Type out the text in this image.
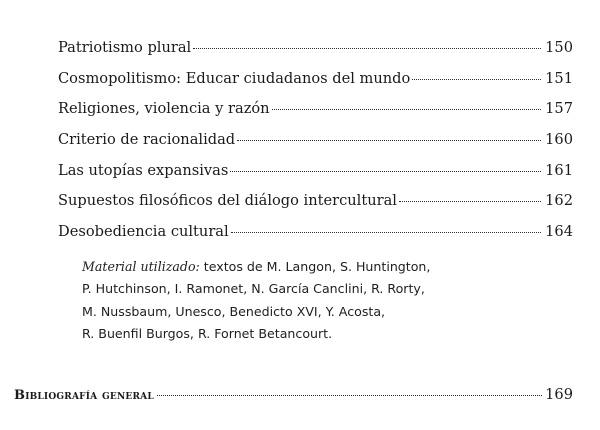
Patriotismo plural	150
Cosmopolitismo: Educar ciudadanos del mundo	151
Religiones, violencia y razón	157
Criterio de racionalidad	160
Las utopías expansivas	161
Supuestos filosóficos del diálogo intercultural	162
Desobediencia cultural	164
Material utilizado: textos de M. Langon, S. Huntington,
P. Hutchinson, I. Ramonet, N. García Canclini, R. Rorty,
M. Nussbaum, Unesco, Benedicto XVI, Y. Acosta,
R. Buenfil Burgos, R. Fornet Betancourt.
Bibliografía general	169
